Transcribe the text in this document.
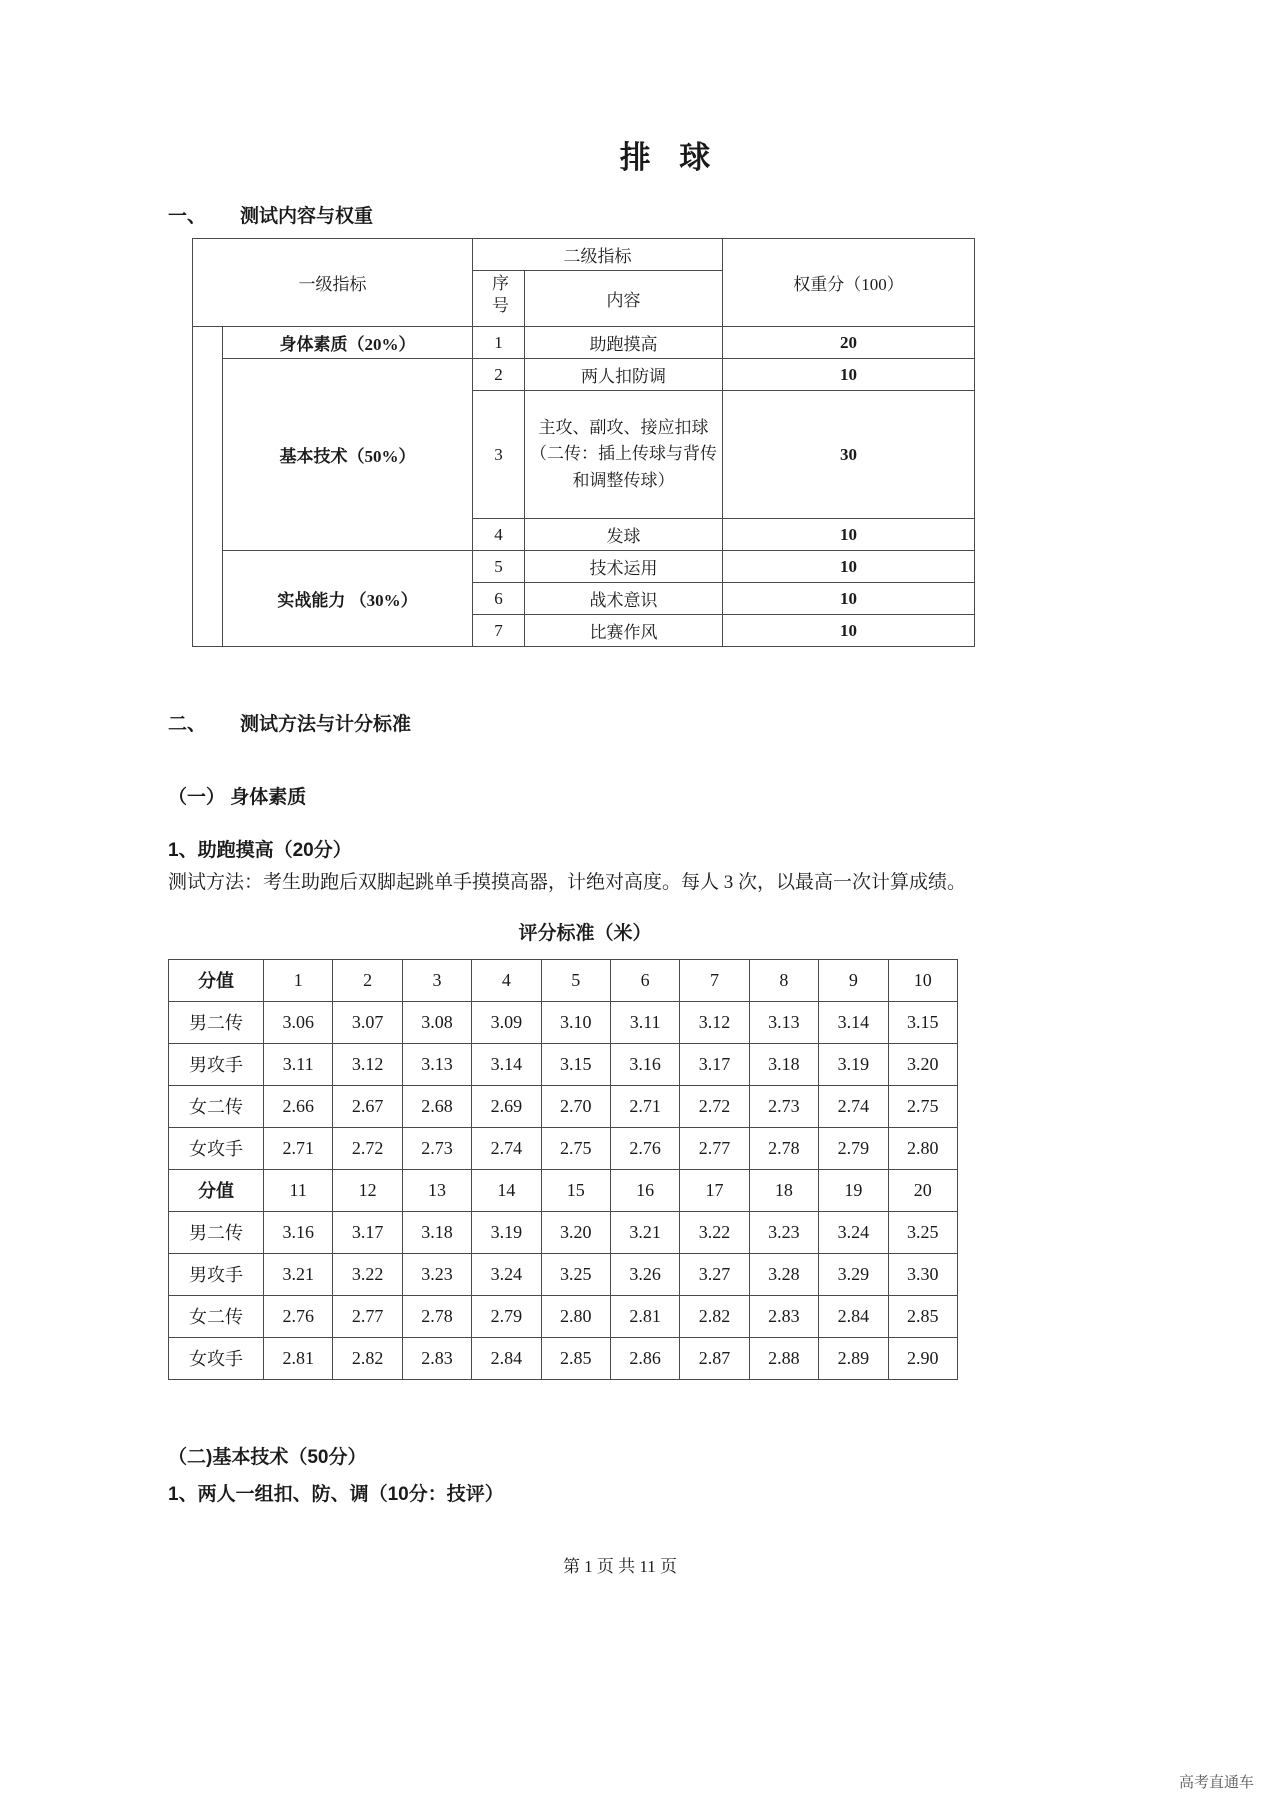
排 球
一、 测试内容与权重
一级指标		二级指标		权重分（100）
		序号	内容	
	身体素质（20%）	1	助跑摸高	20
	基本技术（50%）	2	两人扣防调	10
		3	主攻、副攻、接应扣球（二传：插上传球与背传和调整传球）	30
		4	发球	10
	实战能力 （30%）	5	技术运用	10
		6	战术意识	10
		7	比赛作风	10
二、 测试方法与计分标准
（一） 身体素质
1、助跑摸高（20分）

测试方法：考生助跑后双脚起跳单手摸摸高器，计绝对高度。每人 3 次，以最高一次计算成绩。

评分标准（米）
分值	1	2	3	4	5	6	7	8	9	10
男二传	3.06	3.07	3.08	3.09	3.10	3.11	3.12	3.13	3.14	3.15
男攻手	3.11	3.12	3.13	3.14	3.15	3.16	3.17	3.18	3.19	3.20
女二传	2.66	2.67	2.68	2.69	2.70	2.71	2.72	2.73	2.74	2.75
女攻手	2.71	2.72	2.73	2.74	2.75	2.76	2.77	2.78	2.79	2.80
分值	11	12	13	14	15	16	17	18	19	20
男二传	3.16	3.17	3.18	3.19	3.20	3.21	3.22	3.23	3.24	3.25
男攻手	3.21	3.22	3.23	3.24	3.25	3.26	3.27	3.28	3.29	3.30
女二传	2.76	2.77	2.78	2.79	2.80	2.81	2.82	2.83	2.84	2.85
女攻手	2.81	2.82	2.83	2.84	2.85	2.86	2.87	2.88	2.89	2.90
（二)基本技术（50分）
1、两人一组扣、防、调（10分：技评）
第 1 页 共 11 页
高考直通车
